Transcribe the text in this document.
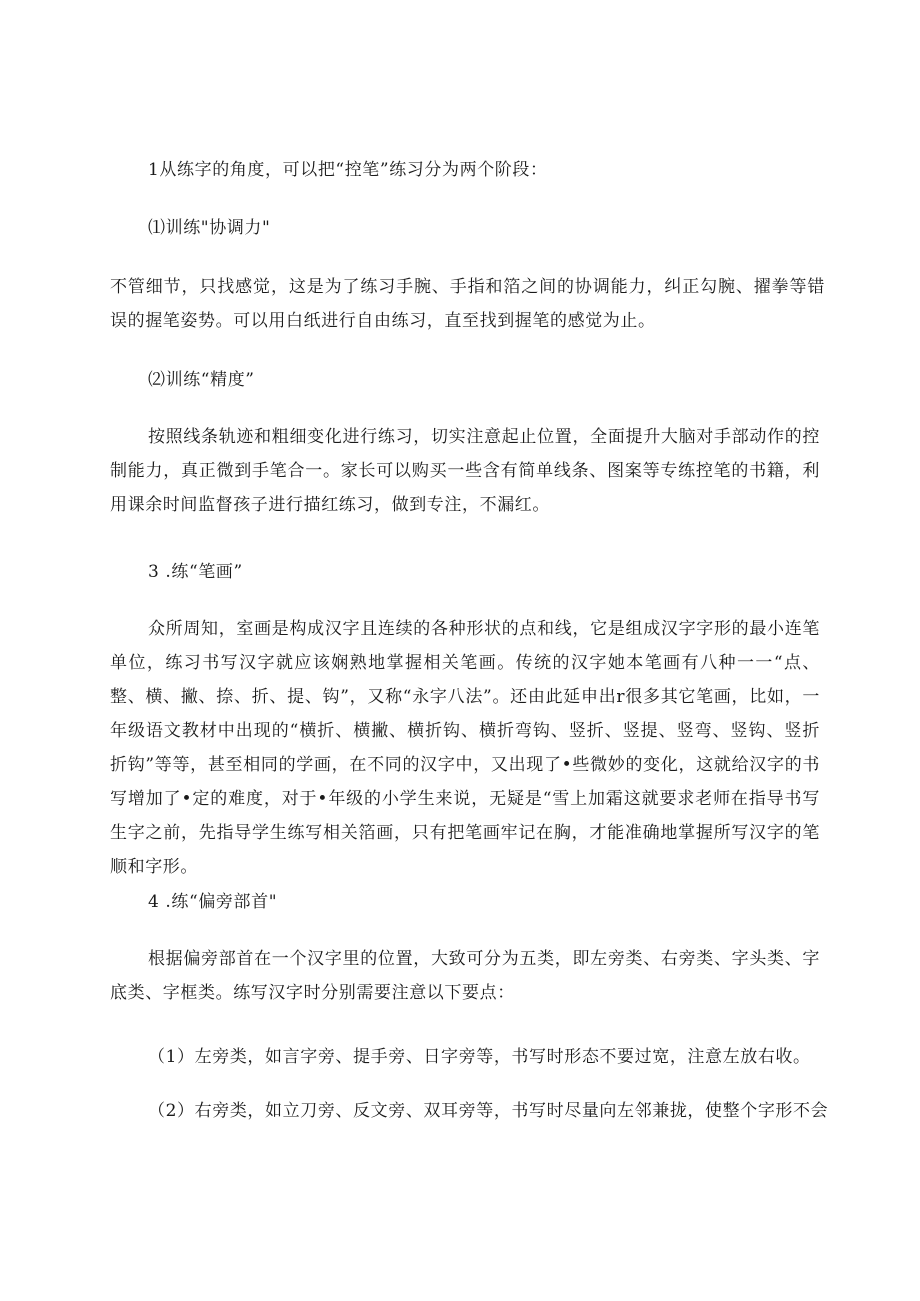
1从练字的角度，可以把“控笔”练习分为两个阶段：

⑴训练"协调力"

不管细节，只找感觉，这是为了练习手腕、手指和箔之间的协调能力，纠正勾腕、擢拳等错误的握笔姿势。可以用白纸进行自由练习，直至找到握笔的感觉为止。

⑵训练“精度”

按照线条轨迹和粗细变化进行练习，切实注意起止位置，全面提升大脑对手部动作的控制能力，真正微到手笔合一。家长可以购买一些含有简单线条、图案等专练控笔的书籍，利用课余时间监督孩子进行描红练习，做到专注，不漏红。

3 .练“笔画”

众所周知，室画是构成汉字且连续的各种形状的点和线，它是组成汉字字形的最小连笔单位，练习书写汉字就应该娴熟地掌握相关笔画。传统的汉字她本笔画有八种一一“点、整、横、撇、捺、折、提、钩”，又称“永字八法”。还由此延申出r很多其它笔画，比如，一年级语文教材中出现的“横折、横撇、横折钩、横折弯钩、竖折、竖提、竖弯、竖钩、竖折折钩”等等，甚至相同的学画，在不同的汉字中，又出现了•些微妙的变化，这就给汉字的书写增加了•定的难度，对于•年级的小学生来说，无疑是“雪上加霜这就要求老师在指导书写生字之前，先指导学生练写相关箔画，只有把笔画牢记在胸，才能准确地掌握所写汉字的笔顺和字形。

4 .练“偏旁部首"

根据偏旁部首在一个汉字里的位置，大致可分为五类，即左旁类、右旁类、字头类、字底类、字框类。练写汉字时分别需要注意以下要点：

（1）左旁类，如言字旁、提手旁、日字旁等，书写时形态不要过宽，注意左放右收。

（2）右旁类，如立刀旁、反文旁、双耳旁等，书写时尽量向左邻兼拢，使整个字形不会
